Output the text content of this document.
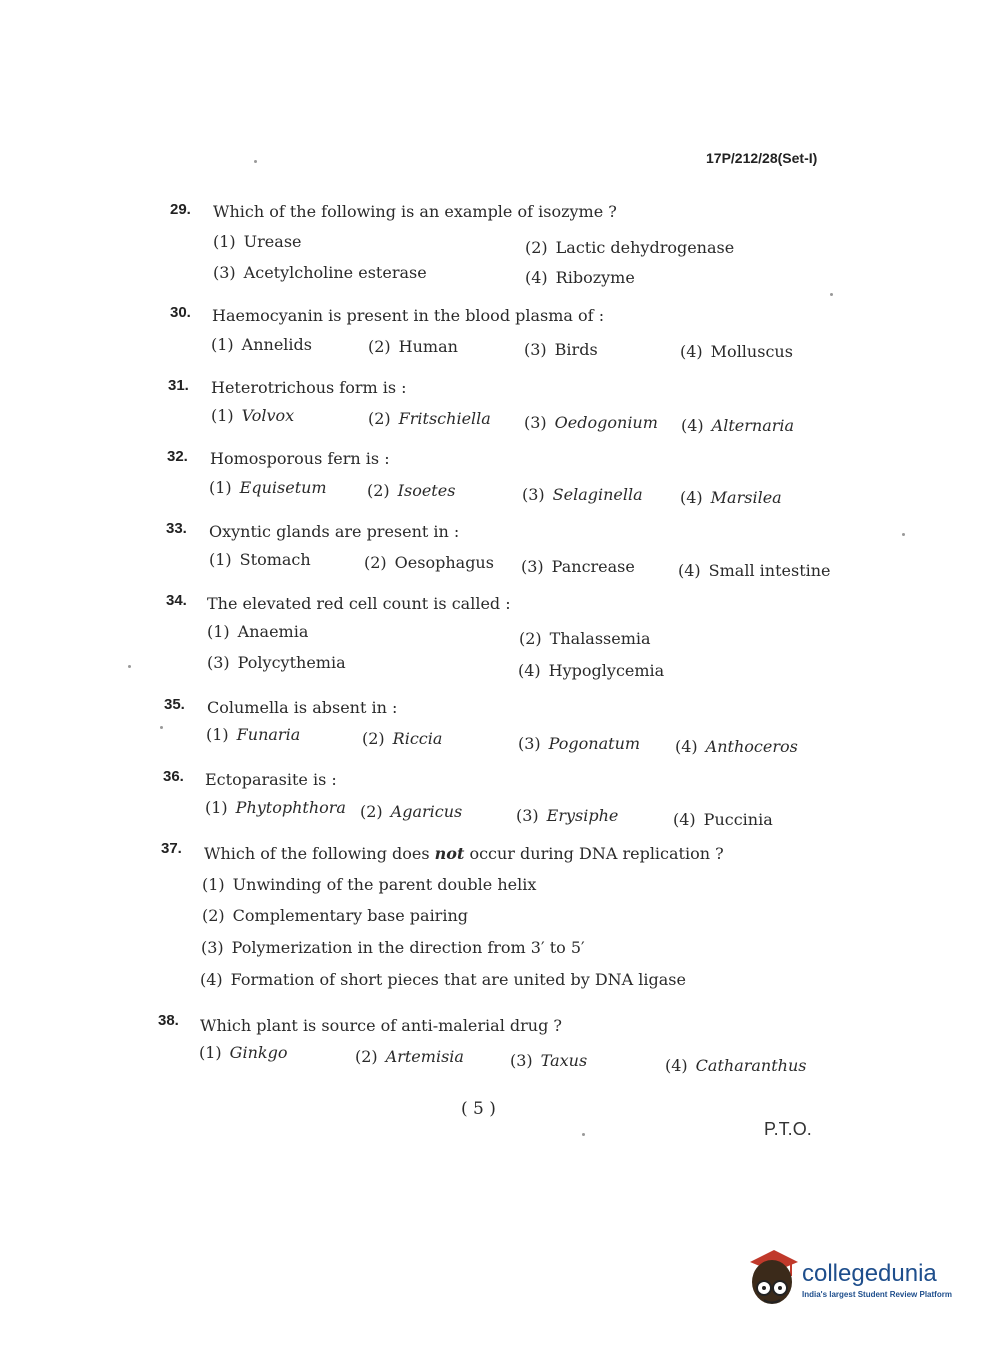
17P/212/28(Set-I)
29. Which of the following is an example of isozyme ?
(1) Urease	(2) Lactic dehydrogenase
(3) Acetylcholine esterase	(4) Ribozyme
30. Haemocyanin is present in the blood plasma of :
(1) Annelids	(2) Human	(3) Birds	(4) Molluscus
31. Heterotrichous form is :
(1) Volvox	(2) Fritschiella (3) Oedogonium (4) Alternaria
32. Homosporous fern is :
(1) Equisetum	(2) Isoetes	(3) Selaginella (4) Marsilea
33. Oxyntic glands are present in :
(1) Stomach	(2) Oesophagus (3) Pancrease	(4) Small intestine
34. The elevated red cell count is called :
(1) Anaemia	(2) Thalassemia
(3) Polycythemia	(4) Hypoglycemia
35. Columella is absent in :
(1) Funaria	(2) Riccia	(3) Pogonatum (4) Anthoceros
36. Ectoparasite is :
(1) Phytophthora (2) Agaricus	(3) Erysiphe	(4) Puccinia
37. Which of the following does not occur during DNA replication ?
(1) Unwinding of the parent double helix
(2) Complementary base pairing
(3) Polymerization in the direction from 3′ to 5′
(4) Formation of short pieces that are united by DNA ligase
38. Which plant is source of anti-malerial drug ?
(1) Ginkgo	(2) Artemisia	(3) Taxus	(4) Catharanthus
( 5 )
P.T.O.
collegedunia
India's largest Student Review Platform
